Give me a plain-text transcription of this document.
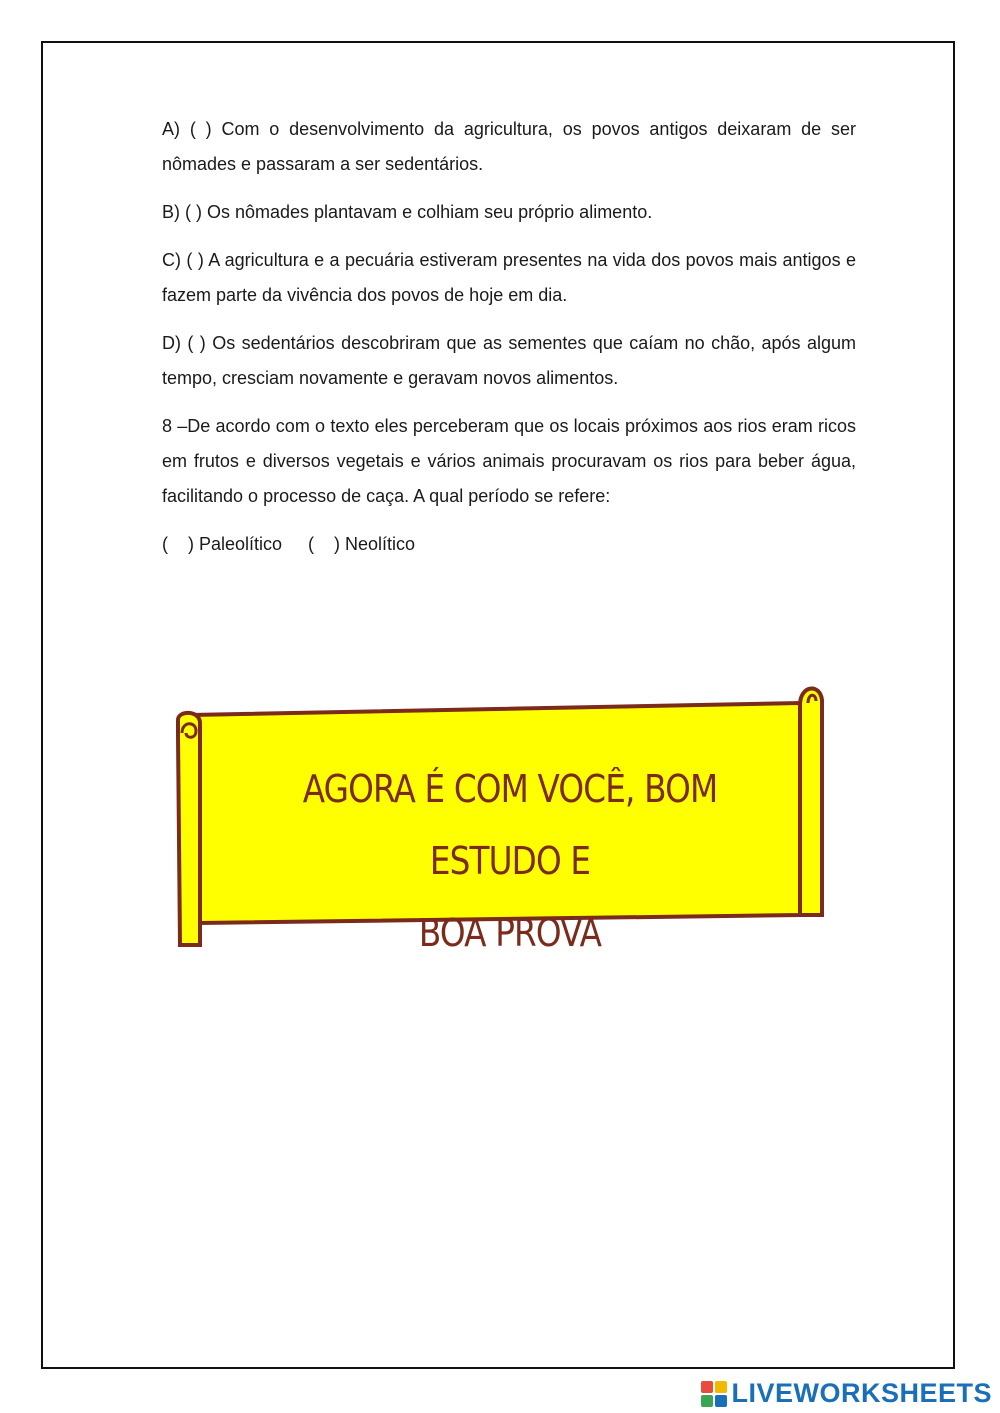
A) ( ) Com o desenvolvimento da agricultura, os povos antigos deixaram de ser nômades e passaram a ser sedentários.

B) ( ) Os nômades plantavam e colhiam seu próprio alimento.

C) ( ) A agricultura e a pecuária estiveram presentes na vida dos povos mais antigos e fazem parte da vivência dos povos de hoje em dia.

D) ( ) Os sedentários descobriram que as sementes que caíam no chão, após algum tempo, cresciam novamente e geravam novos alimentos.

8 –De acordo com o texto eles perceberam que os locais próximos aos rios eram ricos em frutos e diversos vegetais e vários animais procuravam os rios para beber água, facilitando o processo de caça. A qual período se refere:

(    ) Paleolítico (    ) Neolítico

AGORA É COM VOCÊ, BOM ESTUDO E
BOA PROVA
LIVEWORKSHEETS
